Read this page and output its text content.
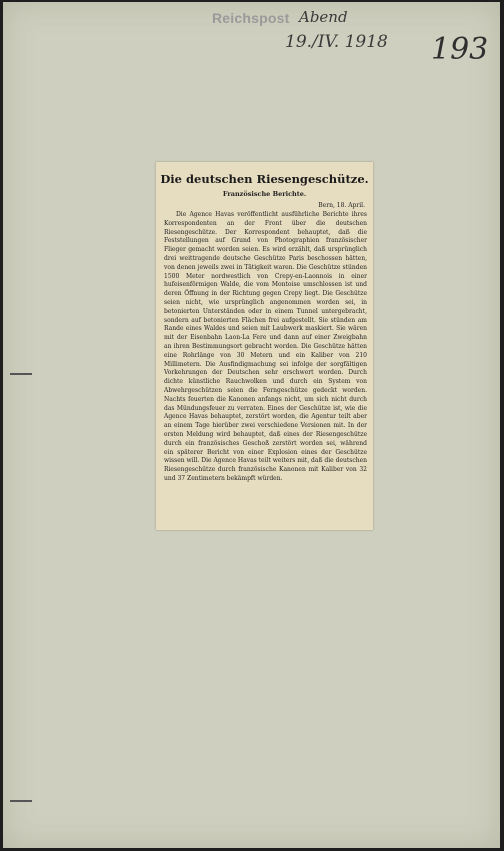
Reichspost Abend
19./IV. 1918 193
Die deutschen Riesengeschütze.
Französische Berichte.
Bern, 18. April.
Die Agence Havas veröffentlicht ausführliche Berichte ihres Korrespondenten an der Front über die deutschen Riesengeschütze. Der Korrespondent behauptet, daß die Feststellungen auf Grund von Photographien französischer Flieger gemacht worden seien. Es wird erzählt, daß ursprünglich drei weittragende deutsche Geschütze Paris beschossen hätten, von denen jeweils zwei in Tätigkeit waren. Die Geschütze stünden 1500 Meter nordwestlich von Crepy-en-Laonnois in einer hufeisenförmigen Walde, die vom Montoise umschlossen ist und deren Öffnung in der Richtung gegen Crepy liegt. Die Geschütze seien nicht, wie ursprünglich angenommen worden sei, in betonierten Unterständen oder in einem Tunnel untergebracht, sondern auf betonierten Flächen frei aufgestellt. Sie stünden am Rande eines Waldes und seien mit Laubwerk maskiert. Sie wären mit der Eisenbahn Laon-La Fere und dann auf einer Zweigbahn an ihren Bestimmungsort gebracht worden. Die Geschütze hätten eine Rohrlänge von 30 Metern und ein Kaliber von 210 Millimetern. Die Ausfindigmachung sei infolge der sorgfältigen Vorkehrungen der Deutschen sehr erschwert worden. Durch dichte künstliche Rauchwolken und durch ein System von Abwehrgeschützen seien die Ferngeschütze gedeckt worden. Nachts feuerten die Kanonen anfangs nicht, um sich nicht durch das Mündungsfeuer zu verraten. Eines der Geschütze ist, wie die Agence Havas behauptet, zerstört worden, die Agentur teilt aber an einem Tage hierüber zwei verschiedene Versionen mit. In der ersten Meldung wird behauptet, daß eines der Riesengeschütze durch ein französisches Geschoß zerstört worden sei, während ein späterer Bericht von einer Explosion eines der Geschütze wissen will. Die Agence Havas teilt weiters mit, daß die deutschen Riesengeschütze durch französische Kanonen mit Kaliber von 32 und 37 Zentimetern bekämpft würden.
